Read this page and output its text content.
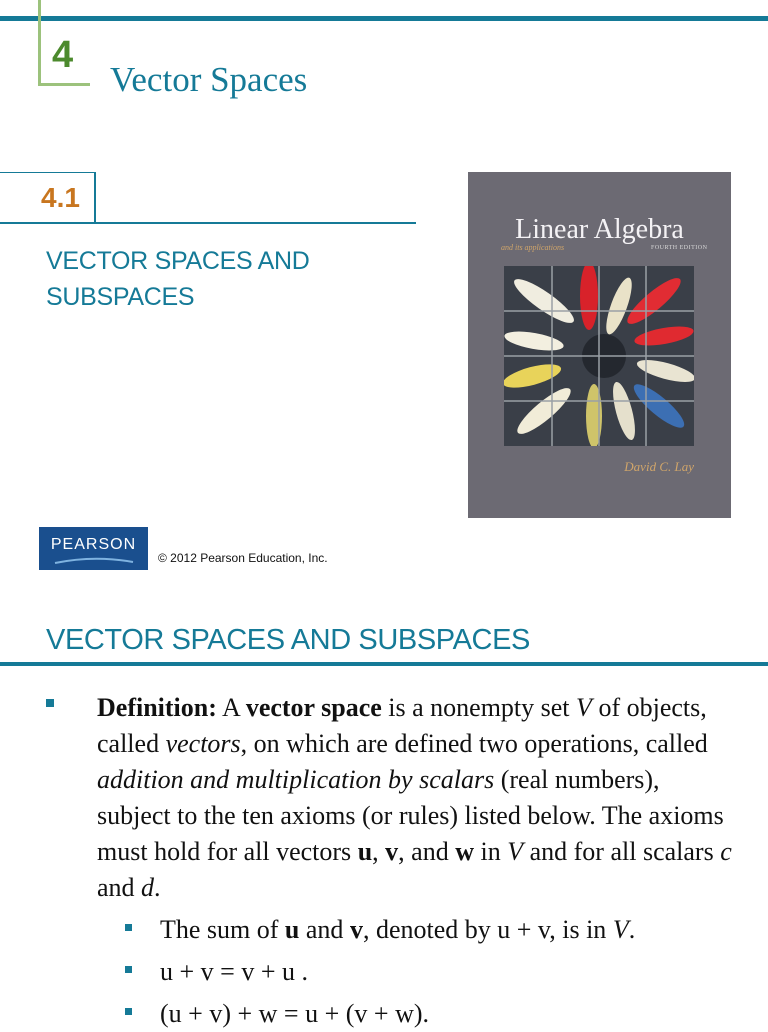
4
Vector Spaces
4.1
VECTOR SPACES AND SUBSPACES
Linear Algebra
and its applications	FOURTH EDITION
David C. Lay
PEARSON
© 2012 Pearson Education, Inc.
VECTOR SPACES AND SUBSPACES
Definition: A vector space is a nonempty set V of objects, called vectors, on which are defined two operations, called addition and multiplication by scalars (real numbers), subject to the ten axioms (or rules) listed below. The axioms must hold for all vectors u, v, and w in V and for all scalars c and d.
The sum of u and v, denoted by u + v, is in V.
u + v = v + u .
(u + v) + w = u + (v + w).
